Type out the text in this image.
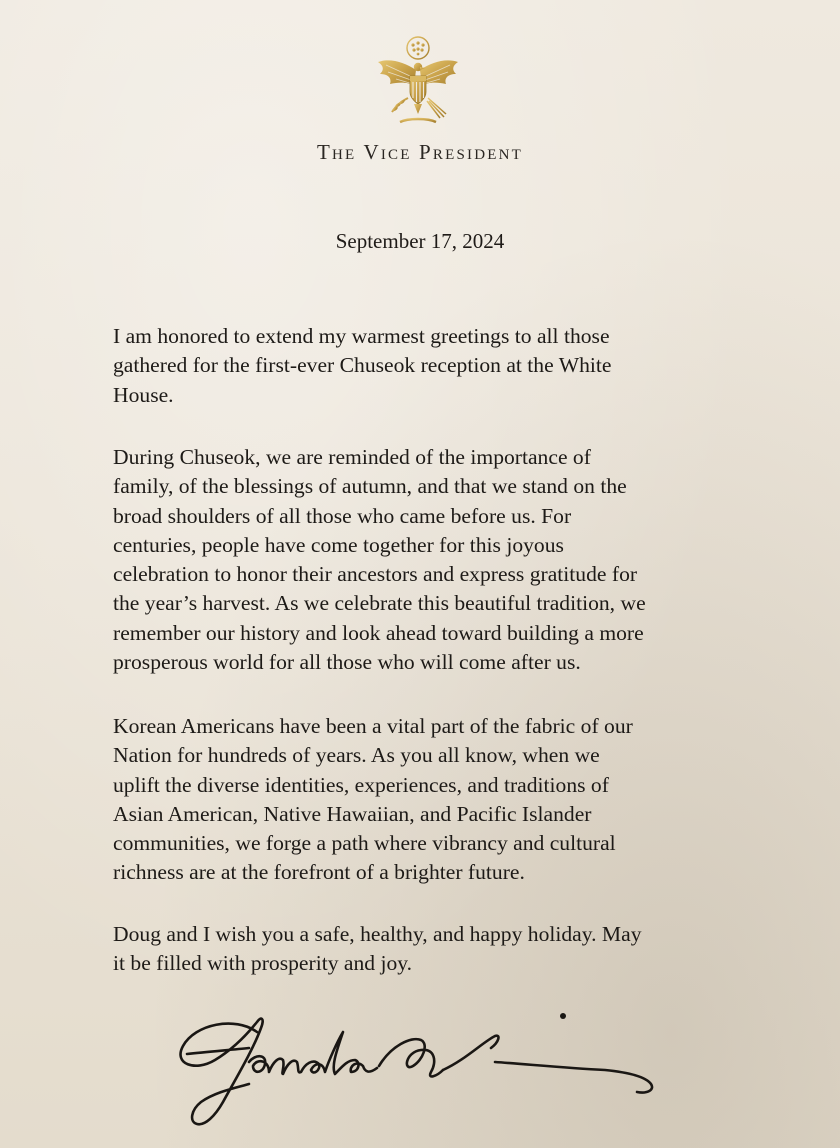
The Vice President
September 17, 2024

I am honored to extend my warmest greetings to all those
gathered for the first-ever Chuseok reception at the White
House.

During Chuseok, we are reminded of the importance of
family, of the blessings of autumn, and that we stand on the
broad shoulders of all those who came before us. For
centuries, people have come together for this joyous
celebration to honor their ancestors and express gratitude for
the year’s harvest. As we celebrate this beautiful tradition, we
remember our history and look ahead toward building a more
prosperous world for all those who will come after us.

Korean Americans have been a vital part of the fabric of our
Nation for hundreds of years. As you all know, when we
uplift the diverse identities, experiences, and traditions of
Asian American, Native Hawaiian, and Pacific Islander
communities, we forge a path where vibrancy and cultural
richness are at the forefront of a brighter future.

Doug and I wish you a safe, healthy, and happy holiday. May
it be filled with prosperity and joy.
